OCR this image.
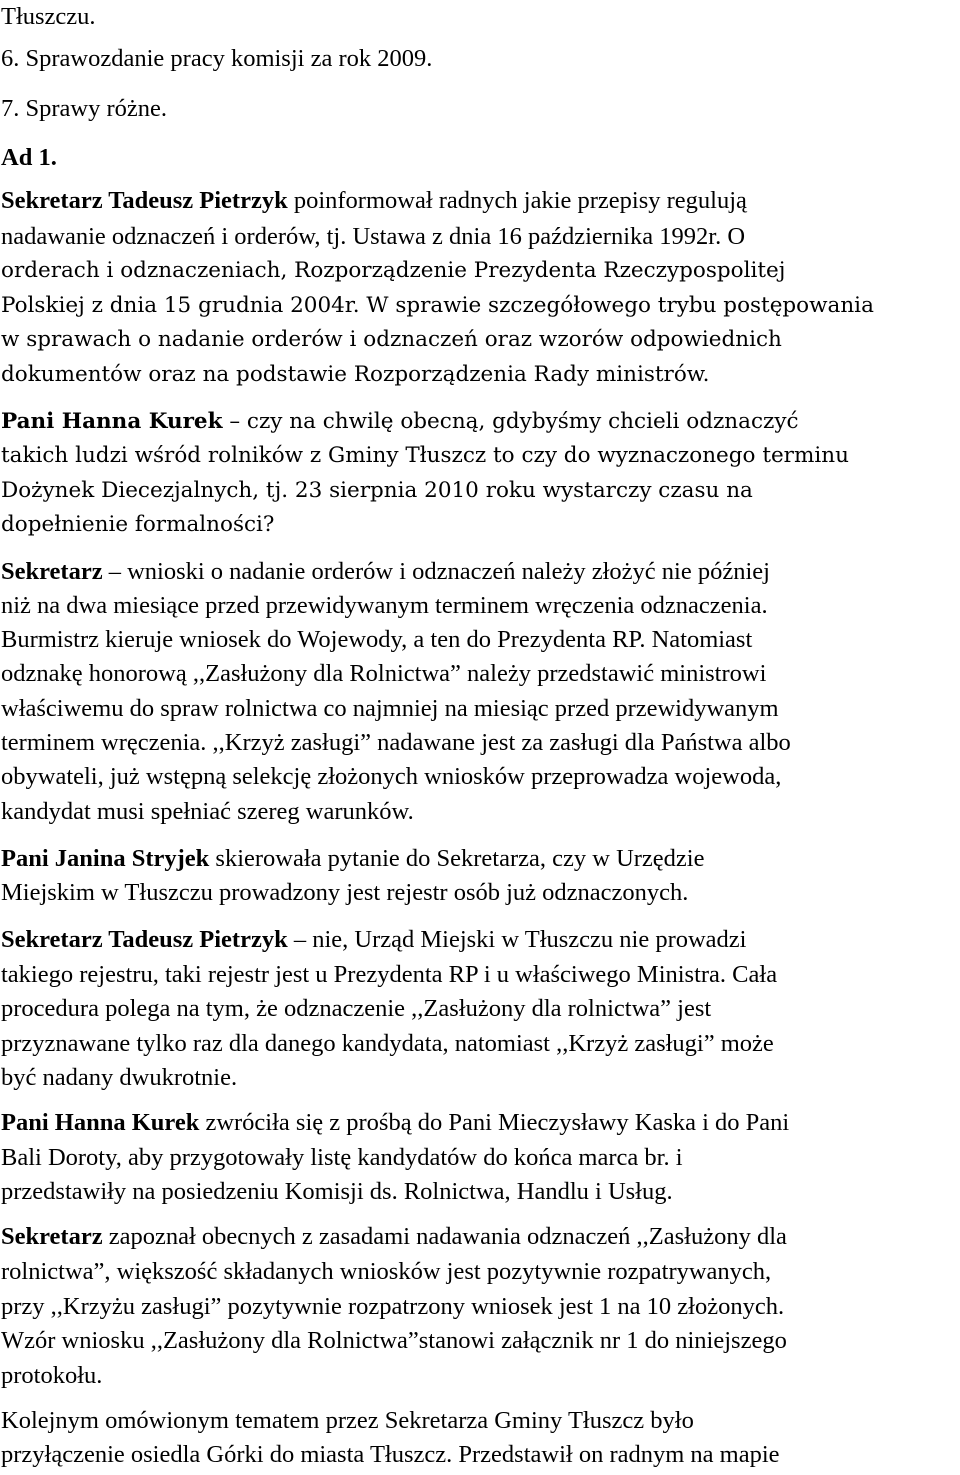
Tłuszczu.
6. Sprawozdanie pracy komisji za rok 2009.
7. Sprawy różne.
Ad 1.
Sekretarz Tadeusz Pietrzyk poinformował radnych jakie przepisy regulują
nadawanie odznaczeń i orderów, tj. Ustawa z dnia 16 października 1992r. O
orderach i odznaczeniach, Rozporządzenie Prezydenta Rzeczypospolitej
Polskiej z dnia 15 grudnia 2004r. W sprawie szczegółowego trybu postępowania
w sprawach o nadanie orderów i odznaczeń oraz wzorów odpowiednich
dokumentów oraz na podstawie Rozporządzenia Rady ministrów.
Pani Hanna Kurek – czy na chwilę obecną, gdybyśmy chcieli odznaczyć
takich ludzi wśród rolników z Gminy Tłuszcz to czy do wyznaczonego terminu
Dożynek Diecezjalnych, tj. 23 sierpnia 2010 roku wystarczy czasu na
dopełnienie formalności?
Sekretarz – wnioski o nadanie orderów i odznaczeń należy złożyć nie później
niż na dwa miesiące przed przewidywanym terminem wręczenia odznaczenia.
Burmistrz kieruje wniosek do Wojewody, a ten do Prezydenta RP. Natomiast
odznakę honorową ,,Zasłużony dla Rolnictwa” należy przedstawić ministrowi
właściwemu do spraw rolnictwa co najmniej na miesiąc przed przewidywanym
terminem wręczenia. ,,Krzyż zasługi” nadawane jest za zasługi dla Państwa albo
obywateli, już wstępną selekcję złożonych wniosków przeprowadza wojewoda,
kandydat musi spełniać szereg warunków.
Pani Janina Stryjek skierowała pytanie do Sekretarza, czy w Urzędzie
Miejskim w Tłuszczu prowadzony jest rejestr osób już odznaczonych.
Sekretarz Tadeusz Pietrzyk – nie, Urząd Miejski w Tłuszczu nie prowadzi
takiego rejestru, taki rejestr jest u Prezydenta RP i u właściwego Ministra. Cała
procedura polega na tym, że odznaczenie ,,Zasłużony dla rolnictwa” jest
przyznawane tylko raz dla danego kandydata, natomiast ,,Krzyż zasługi” może
być nadany dwukrotnie.
Pani Hanna Kurek zwróciła się z prośbą do Pani Mieczysławy Kaska i do Pani
Bali Doroty, aby przygotowały listę kandydatów do końca marca br. i
przedstawiły na posiedzeniu Komisji ds. Rolnictwa, Handlu i Usług.
Sekretarz zapoznał obecnych z zasadami nadawania odznaczeń ,,Zasłużony dla
rolnictwa”, większość składanych wniosków jest pozytywnie rozpatrywanych,
przy ,,Krzyżu zasługi” pozytywnie rozpatrzony wniosek jest 1 na 10 złożonych.
Wzór wniosku ,,Zasłużony dla Rolnictwa”stanowi załącznik nr 1 do niniejszego
protokołu.
Kolejnym omówionym tematem przez Sekretarza Gminy Tłuszcz było
przyłączenie osiedla Górki do miasta Tłuszcz. Przedstawił on radnym na mapie
